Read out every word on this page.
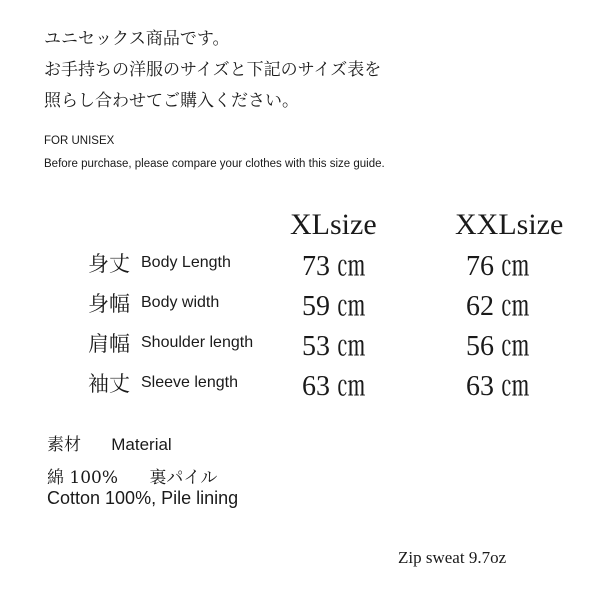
ユニセックス商品です。
お手持ちの洋服のサイズと下記のサイズ表を
照らし合わせてご購入ください。
FOR UNISEX
Before purchase, please compare your clothes with this size guide.
XLsize	XXLsize
身丈 Body Length	73 ㎝	76 ㎝
身幅 Body width	59 ㎝	62 ㎝
肩幅 Shoulder length 53 ㎝	56 ㎝
袖丈 Sleeve length 63 ㎝	63 ㎝
素材 Material
綿 100% 裏パイル
Cotton 100%, Pile lining
Zip sweat 9.7oz
